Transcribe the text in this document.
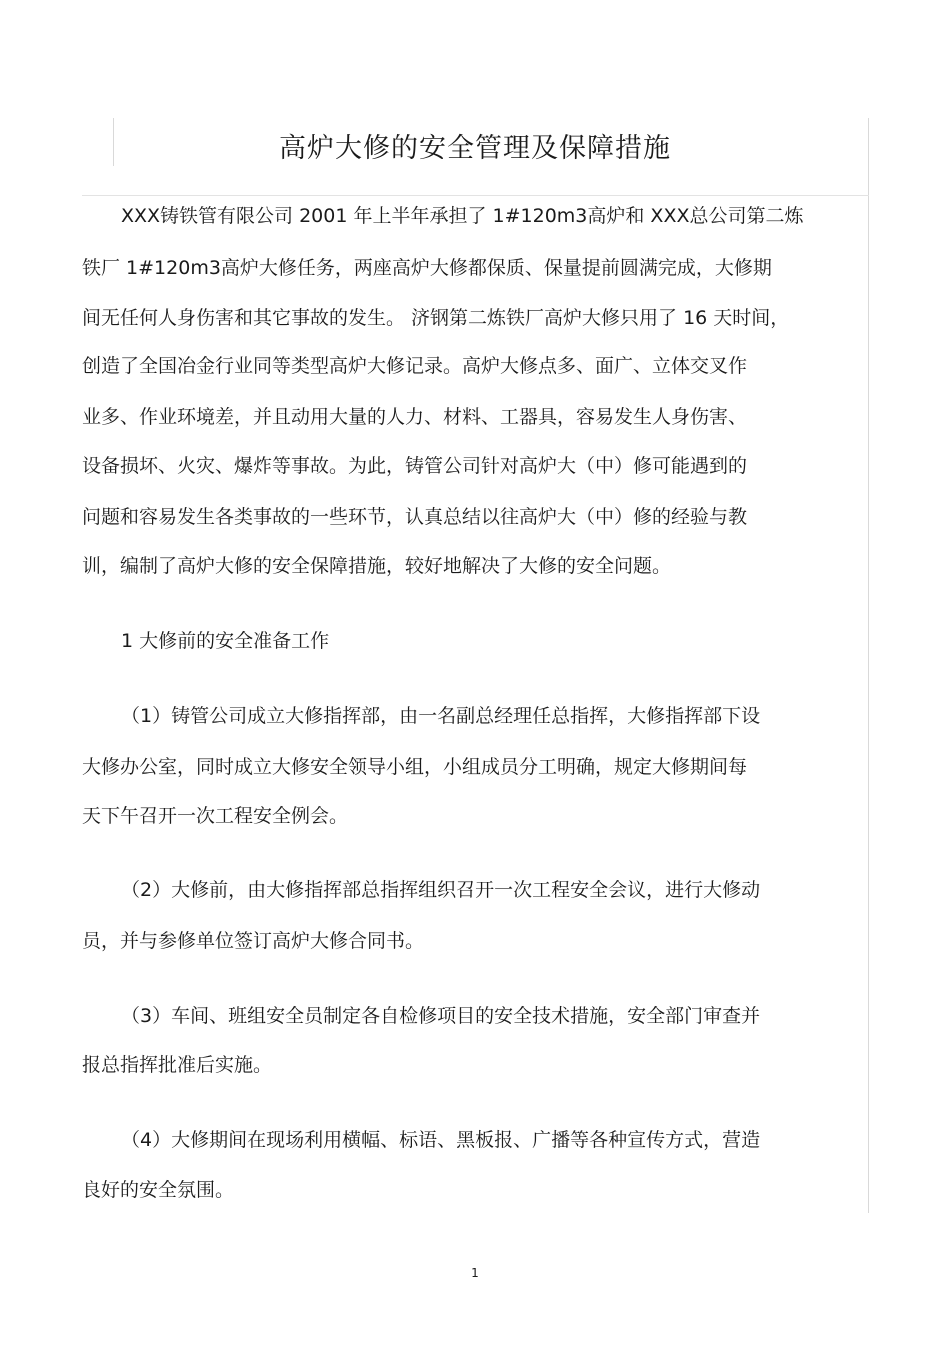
高炉大修的安全管理及保障措施

XXX铸铁管有限公司 2001 年上半年承担了 1#120m3高炉和 XXX总公司第二炼

铁厂 1#120m3高炉大修任务，两座高炉大修都保质、保量提前圆满完成，大修期

间无任何人身伤害和其它事故的发生。 济钢第二炼铁厂高炉大修只用了 16 天时间，

创造了全国冶金行业同等类型高炉大修记录。高炉大修点多、面广、立体交叉作

业多、作业环境差，并且动用大量的人力、材料、工器具，容易发生人身伤害、

设备损坏、火灾、爆炸等事故。为此，铸管公司针对高炉大（中）修可能遇到的

问题和容易发生各类事故的一些环节，认真总结以往高炉大（中）修的经验与教

训，编制了高炉大修的安全保障措施，较好地解决了大修的安全问题。

1 大修前的安全准备工作

（1）铸管公司成立大修指挥部，由一名副总经理任总指挥，大修指挥部下设

大修办公室，同时成立大修安全领导小组，小组成员分工明确，规定大修期间每

天下午召开一次工程安全例会。

（2）大修前，由大修指挥部总指挥组织召开一次工程安全会议，进行大修动

员，并与参修单位签订高炉大修合同书。

（3）车间、班组安全员制定各自检修项目的安全技术措施，安全部门审查并

报总指挥批准后实施。

（4）大修期间在现场利用横幅、标语、黑板报、广播等各种宣传方式，营造

良好的安全氛围。

1
